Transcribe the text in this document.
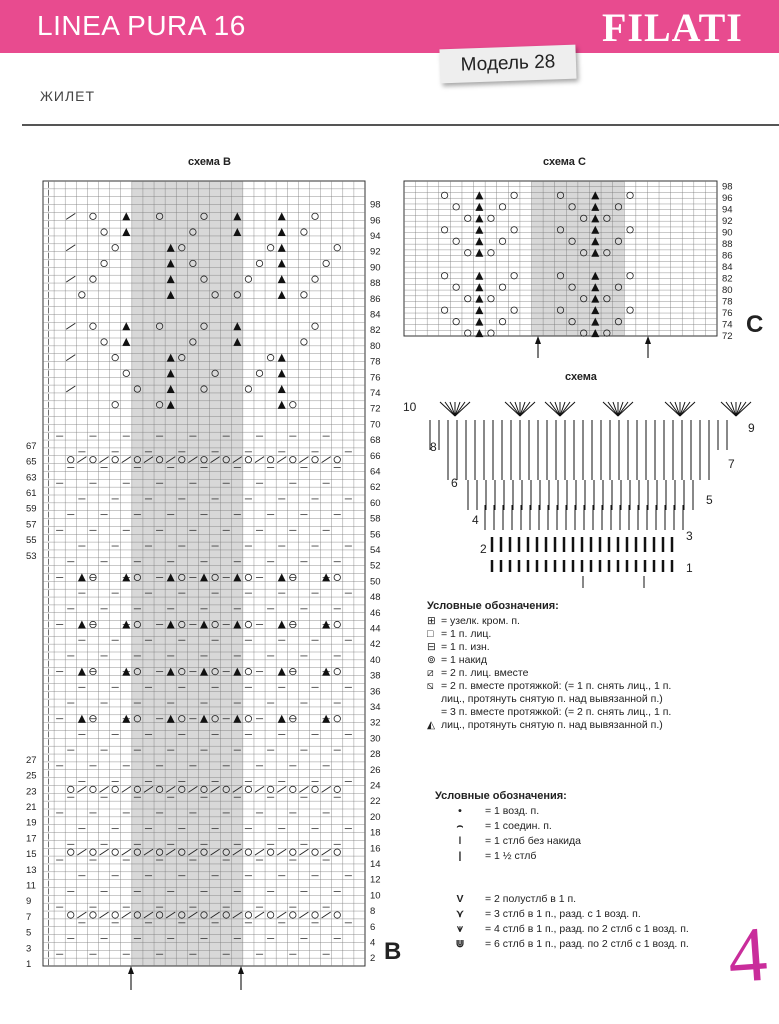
LINEA PURA 16	FILATI
Модель 28
ЖИЛЕТ
схема В
2
4
6
8
10
12
14
16
18
20
22
24
26
28
30
32
34
36
38
40
42
44
46
48
50
52
54
56
58
60
62
64
66
68
70
72
74
76
78
80
82
84
86
88
90
92
94
96
98
1
3
5
7
9
11
13
15
17
19
21
23
25
27
53
55
57
59
61
63
65
67
72
74
76
78
80
82
84
86
88
90
92
94
96
98
1
2
3
4
5
6
7
8
9
10
B
схема С
C
схема
Условные обозначения:
⊞ = узелк. кром. п.
□ = 1 п. лиц.
⊟ = 1 п. изн.
⊚ = 1 накид
⧄ = 2 п. лиц. вместе
⧅ = 2 п. вместе протяжкой: (= 1 п. снять лиц., 1 п.
лиц., протянуть снятую п. над вывязанной п.)
= 3 п. вместе протяжкой: (= 2 п. снять лиц., 1 п.
◭ лиц., протянуть снятую п. над вывязанной п.)
Условные обозначения:
•	= 1 возд. п.
⌢	= 1 соедин. п.
ǀ	= 1 стлб без накида
|	= 1 ½ стлб
V	= 2 полустлб в 1 п.
⋎	= 3 стлб в 1 п., разд. с 1 возд. п.
⩛	= 4 стлб в 1 п., разд. по 2 стлб с 1 возд. п.
⋓	= 6 стлб в 1 п., разд. по 2 стлб с 1 возд. п. 4
